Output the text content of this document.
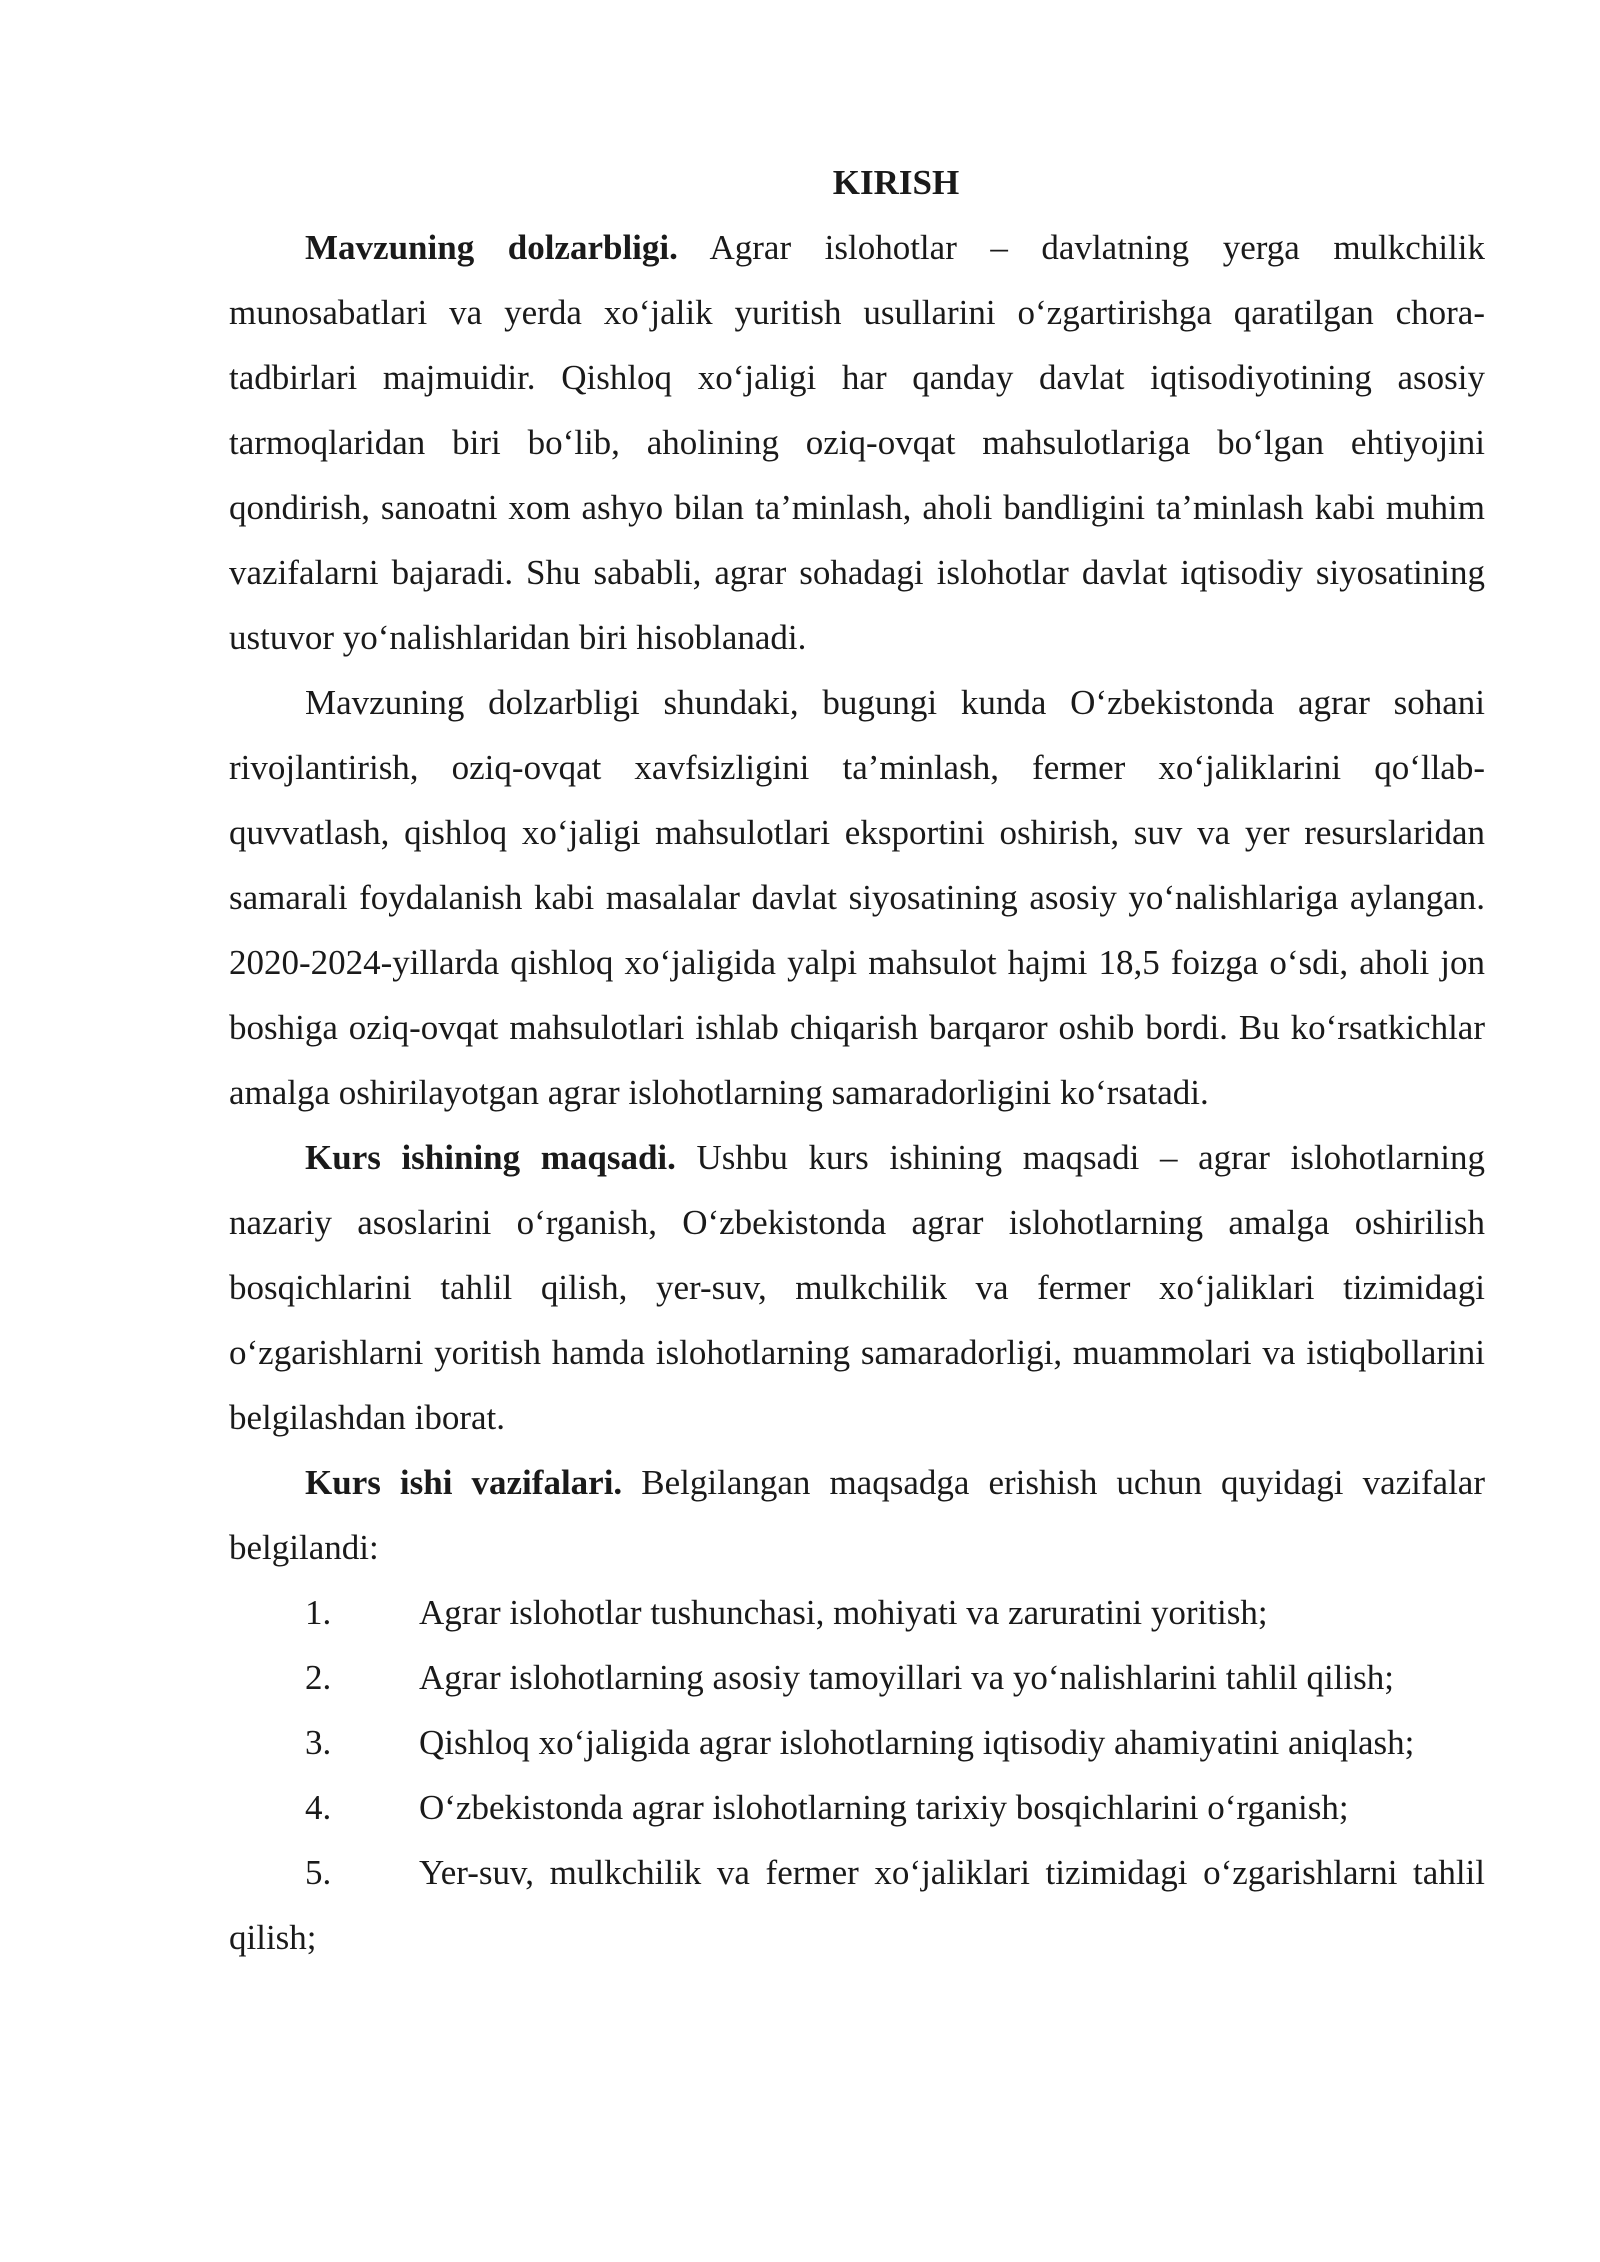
KIRISH

Mavzuning dolzarbligi. Agrar islohotlar – davlatning yerga mulkchilik munosabatlari va yerda xo‘jalik yuritish usullarini o‘zgartirishga qaratilgan chora-tadbirlari majmuidir. Qishloq xo‘jaligi har qanday davlat iqtisodiyotining asosiy tarmoqlaridan biri bo‘lib, aholining oziq-ovqat mahsulotlariga bo‘lgan ehtiyojini qondirish, sanoatni xom ashyo bilan ta’minlash, aholi bandligini ta’minlash kabi muhim vazifalarni bajaradi. Shu sababli, agrar sohadagi islohotlar davlat iqtisodiy siyosatining ustuvor yo‘nalishlaridan biri hisoblanadi.

Mavzuning dolzarbligi shundaki, bugungi kunda O‘zbekistonda agrar sohani rivojlantirish, oziq-ovqat xavfsizligini ta’minlash, fermer xo‘jaliklarini qo‘llab-quvvatlash, qishloq xo‘jaligi mahsulotlari eksportini oshirish, suv va yer resurslaridan samarali foydalanish kabi masalalar davlat siyosatining asosiy yo‘nalishlariga aylangan. 2020-2024-yillarda qishloq xo‘jaligida yalpi mahsulot hajmi 18,5 foizga o‘sdi, aholi jon boshiga oziq-ovqat mahsulotlari ishlab chiqarish barqaror oshib bordi. Bu ko‘rsatkichlar amalga oshirilayotgan agrar islohotlarning samaradorligini ko‘rsatadi.

Kurs ishining maqsadi. Ushbu kurs ishining maqsadi – agrar islohotlarning nazariy asoslarini o‘rganish, O‘zbekistonda agrar islohotlarning amalga oshirilish bosqichlarini tahlil qilish, yer-suv, mulkchilik va fermer xo‘jaliklari tizimidagi o‘zgarishlarni yoritish hamda islohotlarning samaradorligi, muammolari va istiqbollarini belgilashdan iborat.

Kurs ishi vazifalari. Belgilangan maqsadga erishish uchun quyidagi vazifalar belgilandi:

1.	Agrar islohotlar tushunchasi, mohiyati va zaruratini yoritish;

2.	Agrar islohotlarning asosiy tamoyillari va yo‘nalishlarini tahlil qilish;

3.	Qishloq xo‘jaligida agrar islohotlarning iqtisodiy ahamiyatini aniqlash;

4.	O‘zbekistonda agrar islohotlarning tarixiy bosqichlarini o‘rganish;

5.	Yer-suv, mulkchilik va fermer xo‘jaliklari tizimidagi o‘zgarishlarni tahlil qilish;
